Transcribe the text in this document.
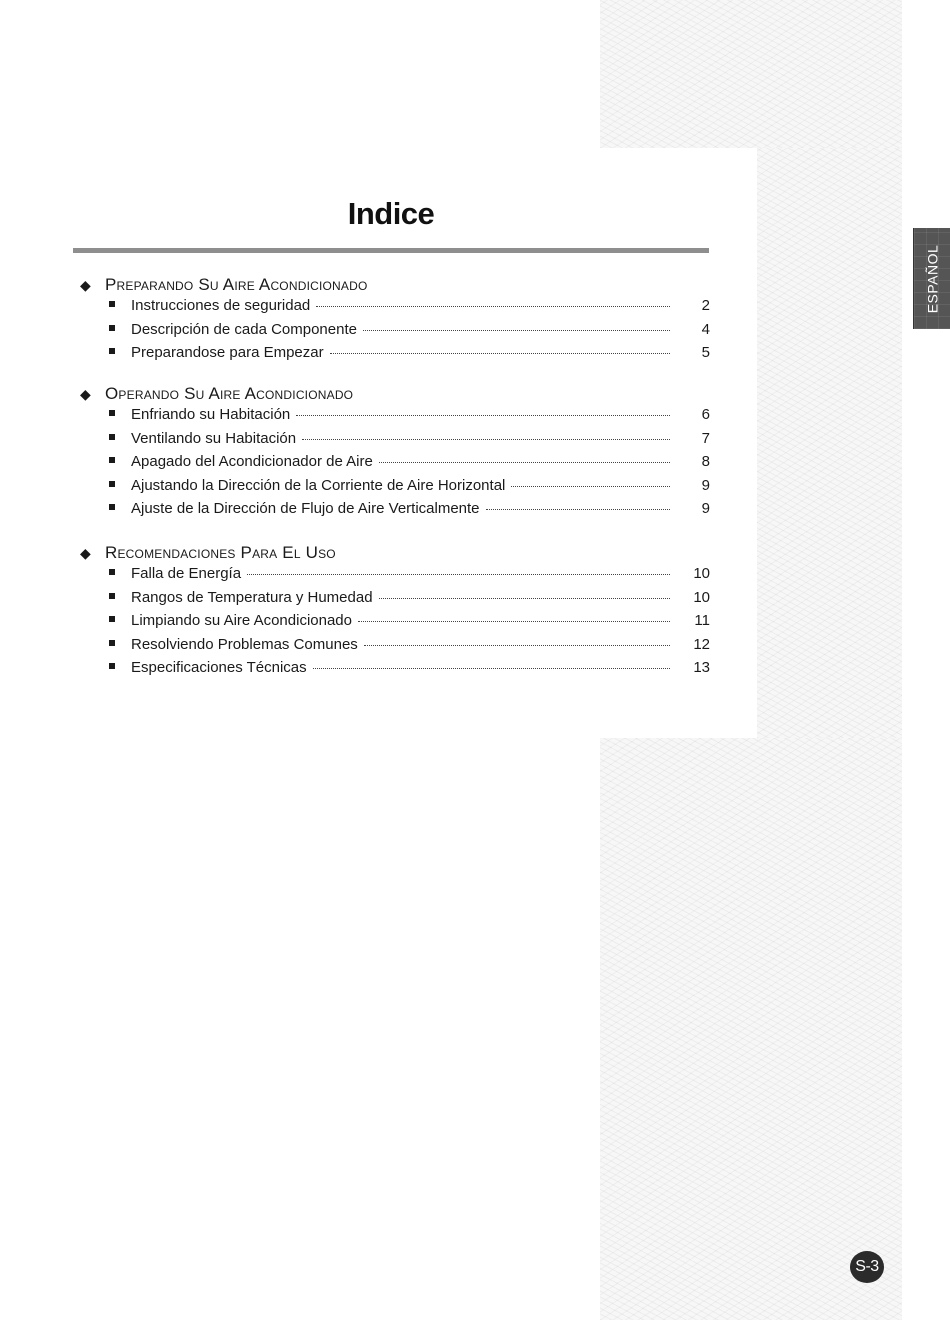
Indice
◆ Preparando Su Aire Acondicionado
Instrucciones de seguridad	2
Descripción de cada Componente	4
Preparandose para Empezar	5
◆ Operando Su Aire Acondicionado
Enfriando su Habitación	6
Ventilando su Habitación	7
Apagado del Acondicionador de Aire	8
Ajustando la Dirección de la Corriente de Aire Horizontal	9
Ajuste de la Dirección de Flujo de Aire Verticalmente	9
◆ Recomendaciones Para El Uso
Falla de Energía	10
Rangos de Temperatura y Humedad	10
Limpiando su Aire Acondicionado	11
Resolviendo Problemas Comunes	12
Especificaciones Técnicas	13
ESPAÑOL
S-3
